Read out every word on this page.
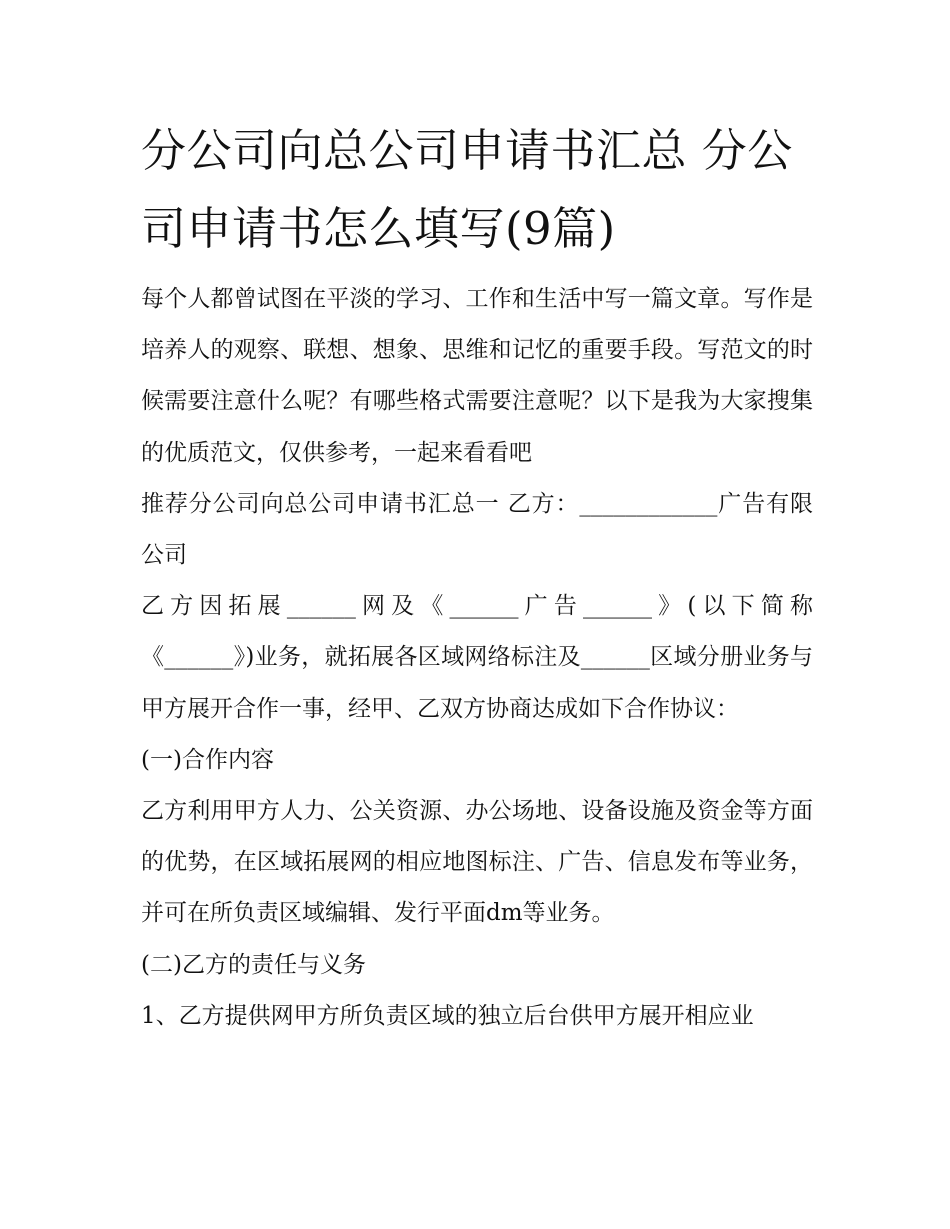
分公司向总公司申请书汇总 分公司申请书怎么填写(9篇)

每个人都曾试图在平淡的学习、工作和生活中写一篇文章。写作是培养人的观察、联想、想象、思维和记忆的重要手段。写范文的时候需要注意什么呢？有哪些格式需要注意呢？以下是我为大家搜集的优质范文，仅供参考，一起来看看吧

推荐分公司向总公司申请书汇总一 乙方：____________广告有限公司

乙方因拓展______网及《______广告______》(以下简称《______》)业务，就拓展各区域网络标注及______区域分册业务与甲方展开合作一事，经甲、乙双方协商达成如下合作协议：

(一)合作内容

乙方利用甲方人力、公关资源、办公场地、设备设施及资金等方面的优势，在区域拓展网的相应地图标注、广告、信息发布等业务，并可在所负责区域编辑、发行平面dm等业务。

(二)乙方的责任与义务

1、乙方提供网甲方所负责区域的独立后台供甲方展开相应业
